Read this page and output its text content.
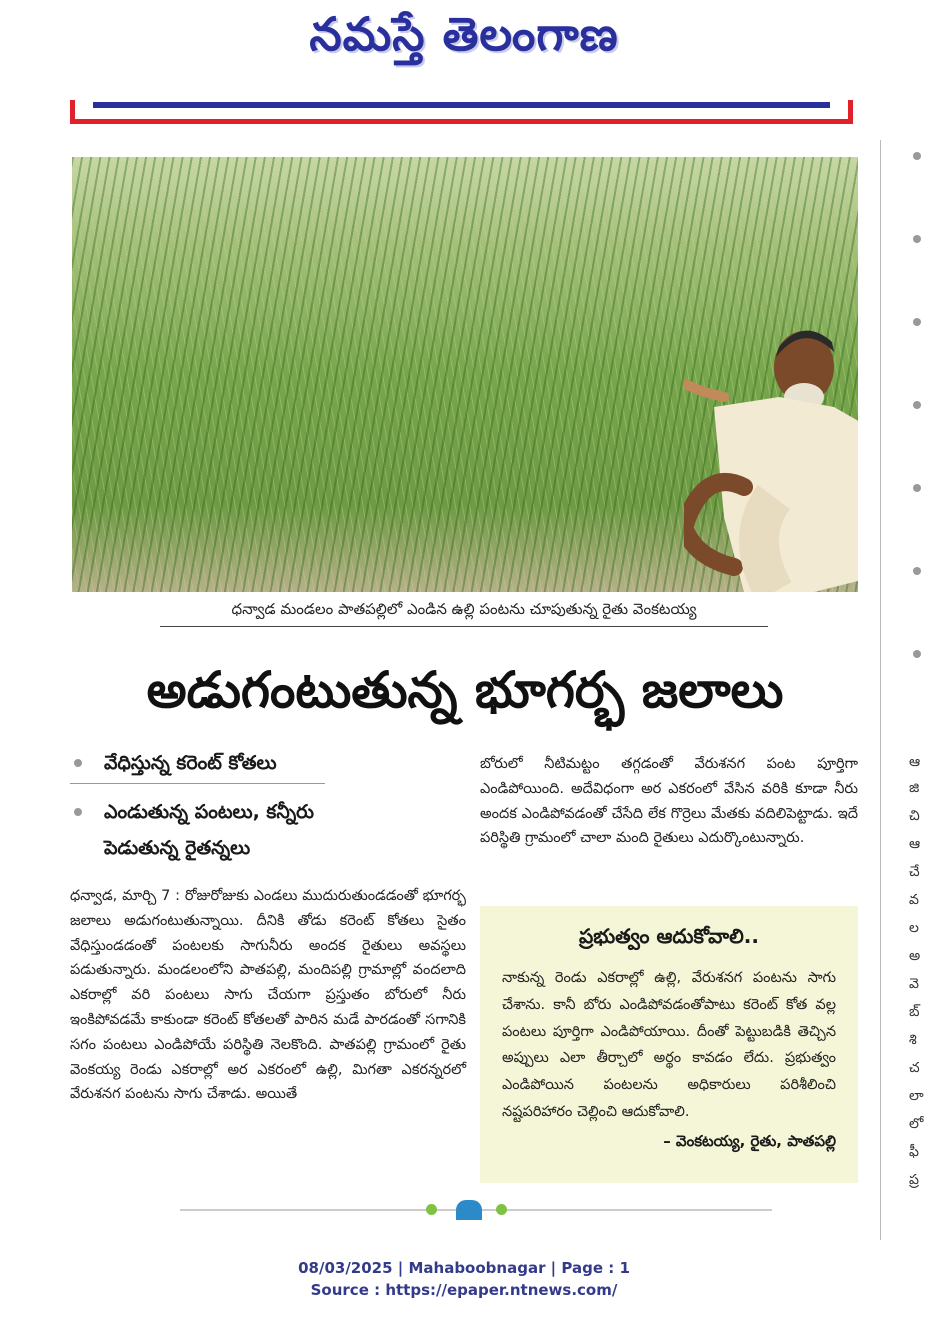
నమస్తే తెలంగాణ
ధన్వాడ మండలం పాతపల్లిలో ఎండిన ఉల్లి పంటను చూపుతున్న రైతు వెంకటయ్య
అడుగంటుతున్న భూగర్భ జలాలు
వేధిస్తున్న కరెంట్ కోతలు
ఎండుతున్న పంటలు, కన్నీరు పెడుతున్న రైతన్నలు
ధన్వాడ, మార్చి 7 : రోజురోజుకు ఎండలు ముదురుతుండడంతో భూగర్భ జలాలు అడుగంటుతున్నాయి. దీనికి తోడు కరెంట్ కోతలు సైతం వేధిస్తుండడంతో పంటలకు సాగునీరు అందక రైతులు అవస్థలు పడుతున్నారు. మండలంలోని పాతపల్లి, మందిపల్లి గ్రామాల్లో వందలాది ఎకరాల్లో వరి పంటలు సాగు చేయగా ప్రస్తుతం బోరులో నీరు ఇంకిపోవడమే కాకుండా కరెంట్ కోతలతో పారిన మడే పారడంతో సగానికి సగం పంటలు ఎండిపోయే పరిస్థితి నెలకొంది. పాతపల్లి గ్రామంలో రైతు వెంకయ్య రెండు ఎకరాల్లో అర ఎకరంలో ఉల్లి, మిగతా ఎకరన్నరలో వేరుశనగ పంటను సాగు చేశాడు. అయితే
బోరులో నీటిమట్టం తగ్గడంతో వేరుశనగ పంట పూర్తిగా ఎండిపోయింది. అదేవిధంగా అర ఎకరంలో వేసిన వరికి కూడా నీరు అందక ఎండిపోవడంతో చేసేది లేక గొర్రెలు మేతకు వదిలిపెట్టాడు. ఇదే పరిస్థితి గ్రామంలో చాలా మంది రైతులు ఎదుర్కొంటున్నారు.
ప్రభుత్వం ఆదుకోవాలి..
నాకున్న రెండు ఎకరాల్లో ఉల్లి, వేరుశనగ పంటను సాగు చేశాను. కానీ బోరు ఎండిపోవడంతోపాటు కరెంట్ కోత వల్ల పంటలు పూర్తిగా ఎండిపోయాయి. దీంతో పెట్టుబడికి తెచ్చిన అప్పులు ఎలా తీర్చాలో అర్థం కావడం లేదు. ప్రభుత్వం ఎండిపోయిన పంటలను అధికారులు పరిశీలించి నష్టపరిహారం చెల్లించి ఆదుకోవాలి.
– వెంకటయ్య, రైతు, పాతపల్లి
ఆ
జి
చి
ఆ
చే
వ
ల
అ
వె
బ్
శి
చ
లా
లో
ఫీ
ప్ర
08/03/2025 | Mahaboobnagar | Page : 1
Source : https://epaper.ntnews.com/
